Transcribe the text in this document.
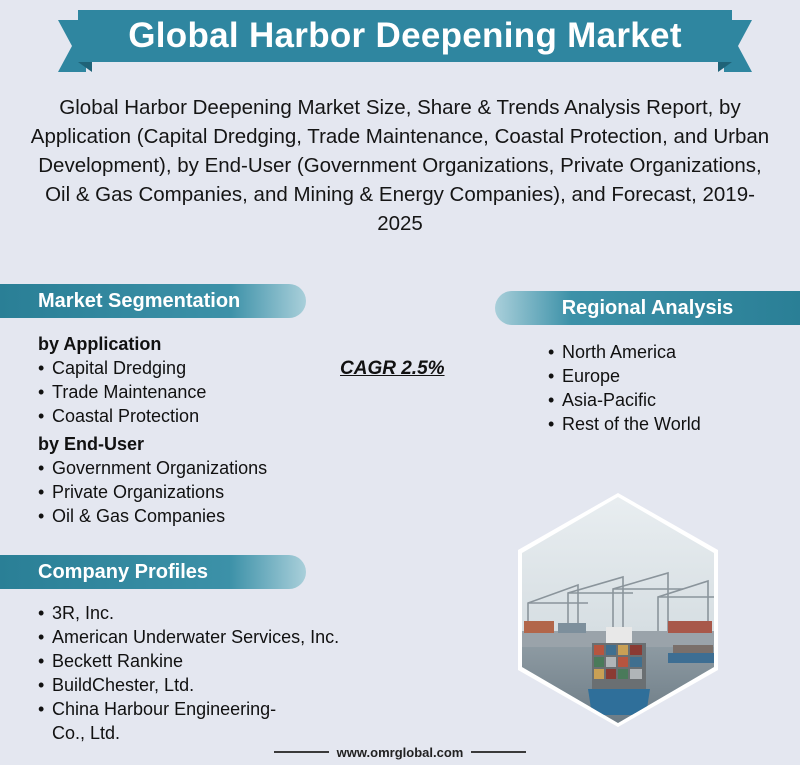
Global Harbor Deepening Market
Global Harbor Deepening Market Size, Share & Trends Analysis Report, by Application (Capital Dredging, Trade Maintenance, Coastal Protection, and Urban Development), by End-User (Government Organizations, Private Organizations, Oil & Gas Companies, and Mining & Energy Companies), and Forecast, 2019-2025
Market Segmentation
by Application
• Capital Dredging
• Trade Maintenance
• Coastal Protection
by End-User
• Government Organizations
• Private Organizations
• Oil & Gas Companies
CAGR 2.5%
Regional Analysis
• North America
• Europe
• Asia-Pacific
• Rest of the World
Company Profiles
• 3R, Inc.
• American Underwater Services, Inc.
• Beckett Rankine
• BuildChester, Ltd.
• China Harbour Engineering-
Co., Ltd.
www.omrglobal.com
